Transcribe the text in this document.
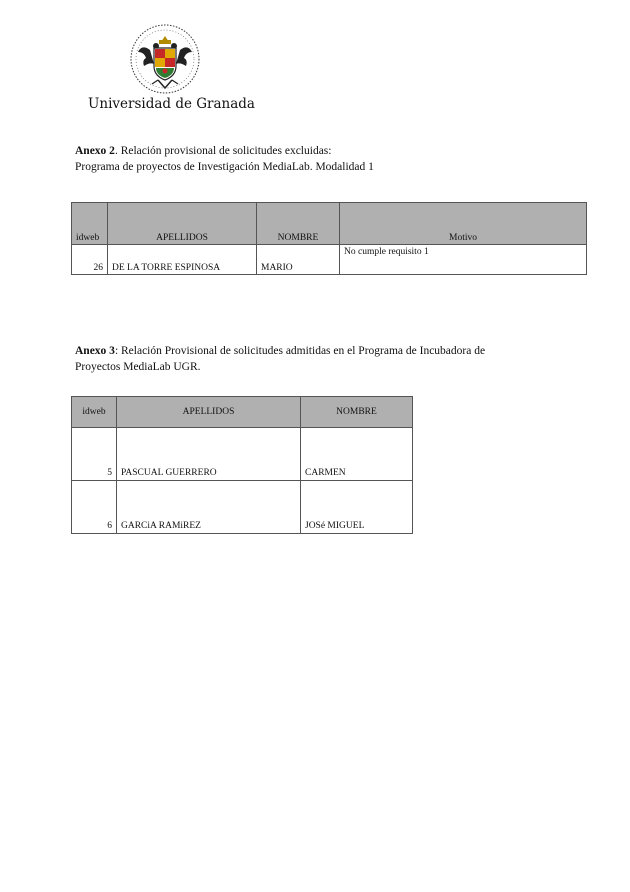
Universidad de Granada
Anexo 2. Relación provisional de solicitudes excluidas:
Programa de proyectos de Investigación MediaLab. Modalidad 1
idweb	APELLIDOS	NOMBRE	Motivo
26	DE LA TORRE ESPINOSA	MARIO	No cumple requisito 1
Anexo 3: Relación Provisional de solicitudes admitidas en el Programa de Incubadora de
Proyectos MediaLab UGR.
idweb	APELLIDOS	NOMBRE
5	PASCUAL GUERRERO	CARMEN
6	GARCiA RAMiREZ	JOSé MIGUEL
